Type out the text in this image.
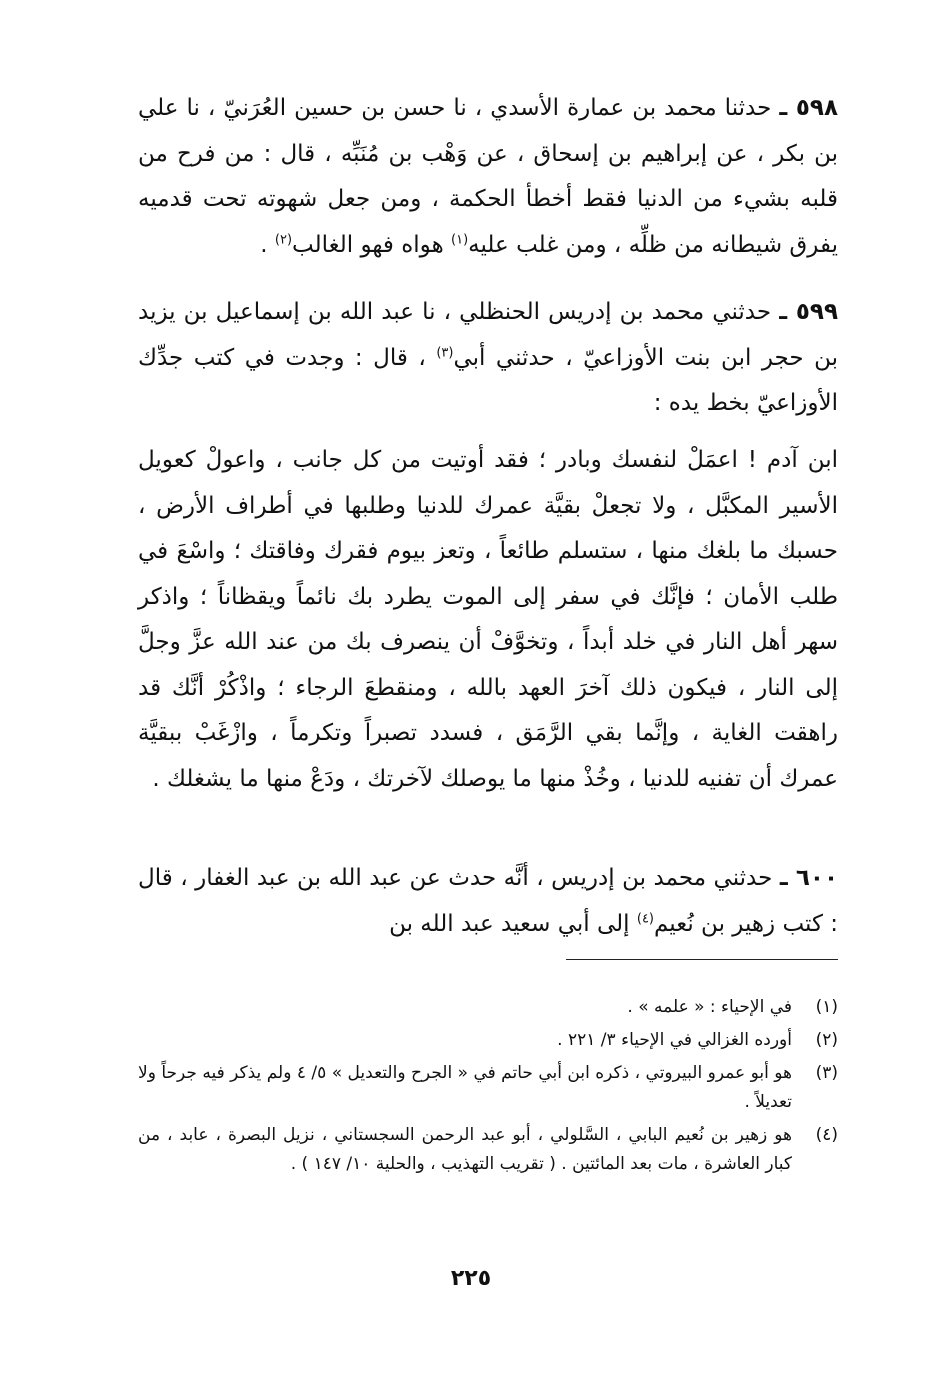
٥٩٨ ـ حدثنا محمد بن عمارة الأسدي ، نا حسن بن حسين العُرَنيّ ، نا علي بن بكر ، عن إبراهيم بن إسحاق ، عن وَهْب بن مُنَبِّه ، قال : من فرح من قلبه بشيء من الدنيا فقط أخطأ الحكمة ، ومن جعل شهوته تحت قدميه يفرق شيطانه من ظلِّه ، ومن غلب عليه$^{(١)}$ هواه فهو الغالب$^{(٢)}$ .

٥٩٩ ـ حدثني محمد بن إدريس الحنظلي ، نا عبد الله بن إسماعيل بن يزيد بن حجر ابن بنت الأوزاعيّ ، حدثني أبي$^{(٣)}$ ، قال : وجدت في كتب جدِّك الأوزاعيّ بخط يده :

ابن آدم ! اعمَلْ لنفسك وبادر ؛ فقد أوتيت من كل جانب ، واعولْ كعويل الأسير المكبَّل ، ولا تجعلْ بقيَّة عمرك للدنيا وطلبها في أطراف الأرض ، حسبك ما بلغك منها ، ستسلم طائعاً ، وتعز بيوم فقرك وفاقتك ؛ واسْعَ في طلب الأمان ؛ فإنَّك في سفر إلى الموت يطرد بك نائماً ويقظاناً ؛ واذكر سهر أهل النار في خلد أبداً ، وتخوَّفْ أن ينصرف بك من عند الله عزَّ وجلَّ إلى النار ، فيكون ذلك آخرَ العهد بالله ، ومنقطعَ الرجاء ؛ واذْكُرْ أنَّك قد راهقت الغاية ، وإنَّما بقي الرَّمَق ، فسدد تصبراً وتكرماً ، وازْغَبْ ببقيَّة عمرك أن تفنيه للدنيا ، وخُذْ منها ما يوصلك لآخرتك ، ودَعْ منها ما يشغلك .

٦٠٠ ـ حدثني محمد بن إدريس ، أنَّه حدث عن عبد الله بن عبد الغفار ، قال : كتب زهير بن نُعيم$^{(٤)}$ إلى أبي سعيد عبد الله بن

(١)
في الإحياء : « علمه » .
(٢)
أورده الغزالي في الإحياء ٣/ ٢٢١ .
(٣)
هو أبو عمرو البيروتي ، ذكره ابن أبي حاتم في « الجرح والتعديل » ٥/ ٤ ولم يذكر فيه جرحاً ولا تعديلاً .
(٤)
هو زهير بن نُعيم البابي ، السَّلولي ، أبو عبد الرحمن السجستاني ، نزيل البصرة ، عابد ، من كبار العاشرة ، مات بعد المائتين . ( تقريب التهذيب ، والحلية ١٠/ ١٤٧ ) .
٢٢٥
